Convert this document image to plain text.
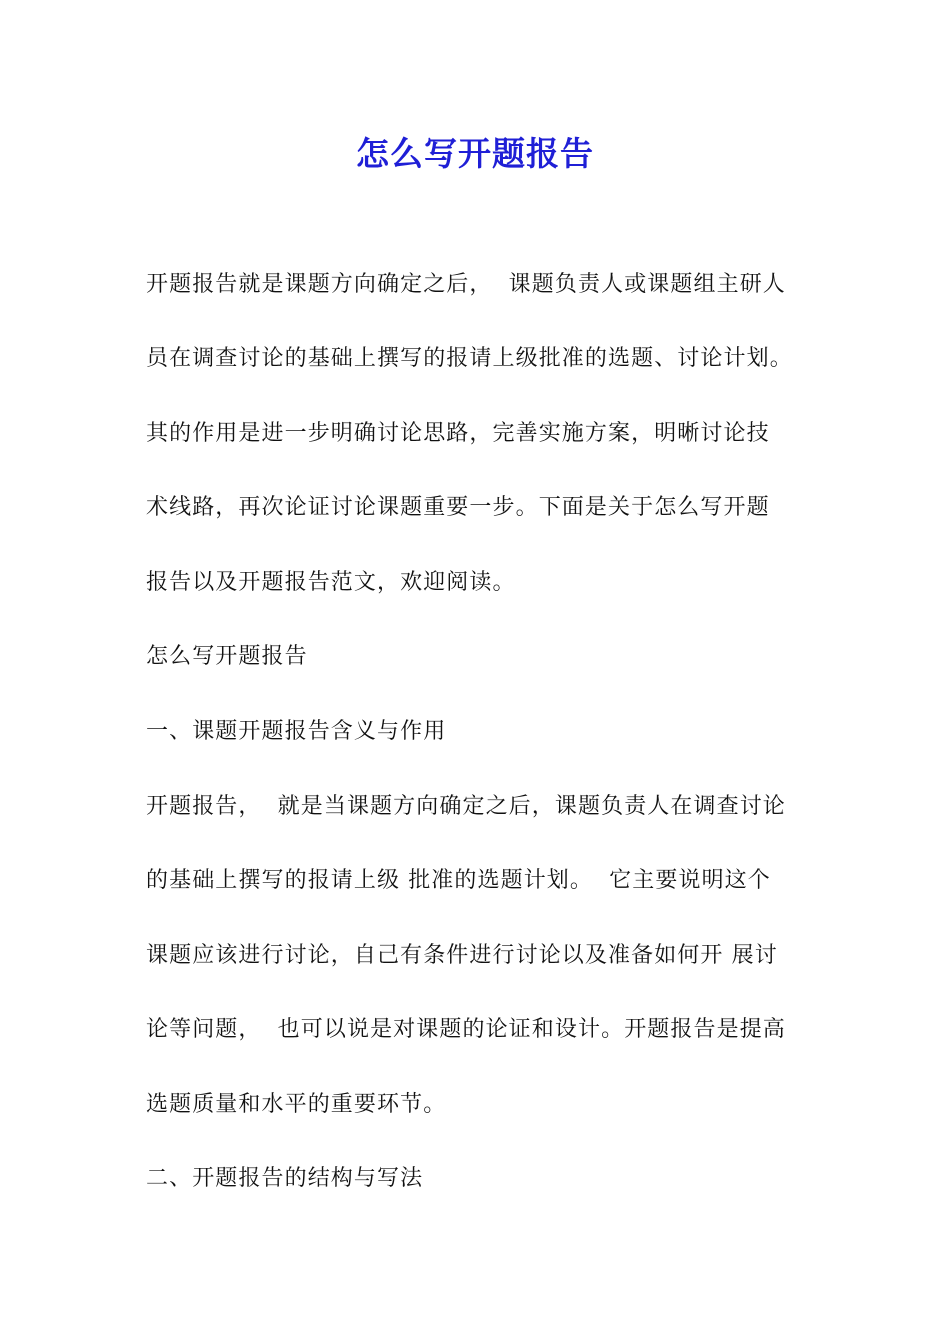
怎么写开题报告
开题报告就是课题方向确定之后，  课题负责人或课题组主研人
员在调查讨论的基础上撰写的报请上级批准的选题、讨论计划。
其的作用是进一步明确讨论思路，完善实施方案，明晰讨论技
术线路，再次论证讨论课题重要一步。下面是关于怎么写开题
报告以及开题报告范文，欢迎阅读。
怎么写开题报告
一、课题开题报告含义与作用
开题报告，  就是当课题方向确定之后，课题负责人在调查讨论
的基础上撰写的报请上级 批准的选题计划。  它主要说明这个
课题应该进行讨论，自己有条件进行讨论以及准备如何开 展讨
论等问题，  也可以说是对课题的论证和设计。开题报告是提高
选题质量和水平的重要环节。
二、开题报告的结构与写法
